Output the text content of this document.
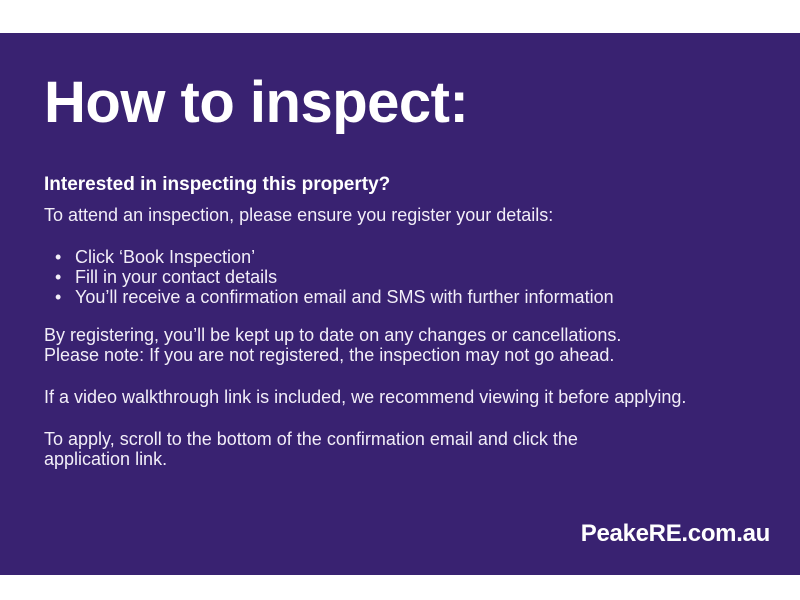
How to inspect:

Interested in inspecting this property?

To attend an inspection, please ensure you register your details:

• Click ‘Book Inspection’
• Fill in your contact details
• You’ll receive a confirmation email and SMS with further information

By registering, you’ll be kept up to date on any changes or cancellations.
Please note: If you are not registered, the inspection may not go ahead.

If a video walkthrough link is included, we recommend viewing it before applying.

To apply, scroll to the bottom of the confirmation email and click the
application link.

PeakeRE.com.au
